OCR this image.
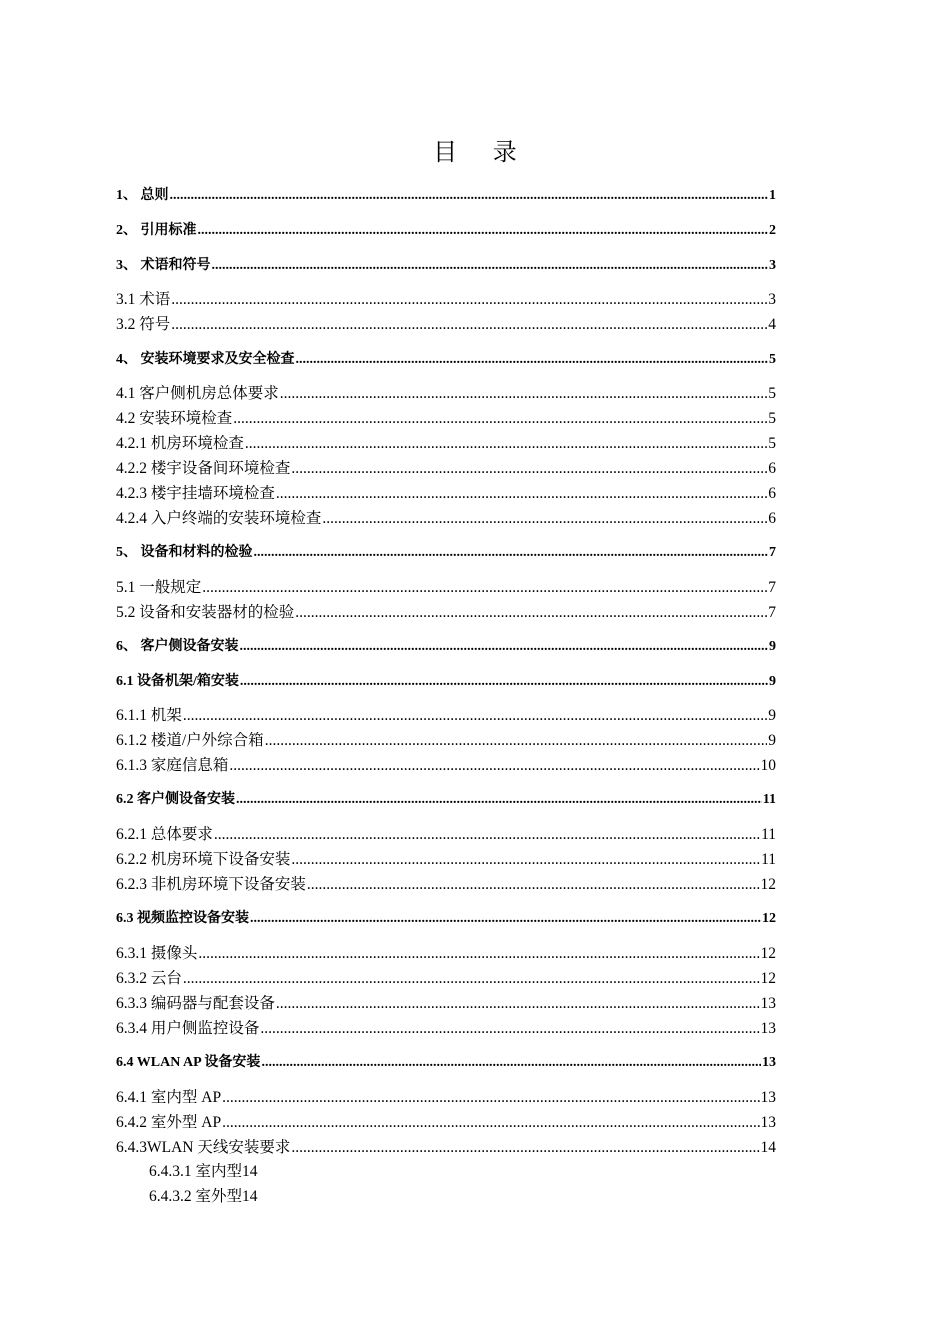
目 录
1、 总则 .....	1
2、 引用标准 .....	2
3、 术语和符号 .....	3
3.1 术语 .....	3
3.2 符号 .....	4
4、 安装环境要求及安全检查 .....	5
4.1 客户侧机房总体要求 .....	5
4.2 安装环境检查 .....	5
4.2.1 机房环境检查 .....	5
4.2.2 楼宇设备间环境检查 .....	6
4.2.3 楼宇挂墙环境检查 .....	6
4.2.4 入户终端的安装环境检查 .....	6
5、 设备和材料的检验 .....	7
5.1 一般规定 .....	7
5.2 设备和安装器材的检验 .....	7
6、 客户侧设备安装 .....	9
6.1 设备机架/箱安装 .....	9
6.1.1 机架 .....	9
6.1.2 楼道/户外综合箱 .....	9
6.1.3 家庭信息箱 .....	10
6.2 客户侧设备安装 .....	11
6.2.1 总体要求 .....	11
6.2.2 机房环境下设备安装 .....	11
6.2.3 非机房环境下设备安装 .....	12
6.3 视频监控设备安装 .....	12
6.3.1 摄像头 .....	12
6.3.2 云台 .....	12
6.3.3 编码器与配套设备 .....	13
6.3.4 用户侧监控设备 .....	13
6.4 WLAN AP 设备安装 .....	13
6.4.1 室内型 AP .....	13
6.4.2 室外型 AP .....	13
6.4.3WLAN 天线安装要求 .....	14
6.4.3.1 室内型 14
6.4.3.2 室外型 14
